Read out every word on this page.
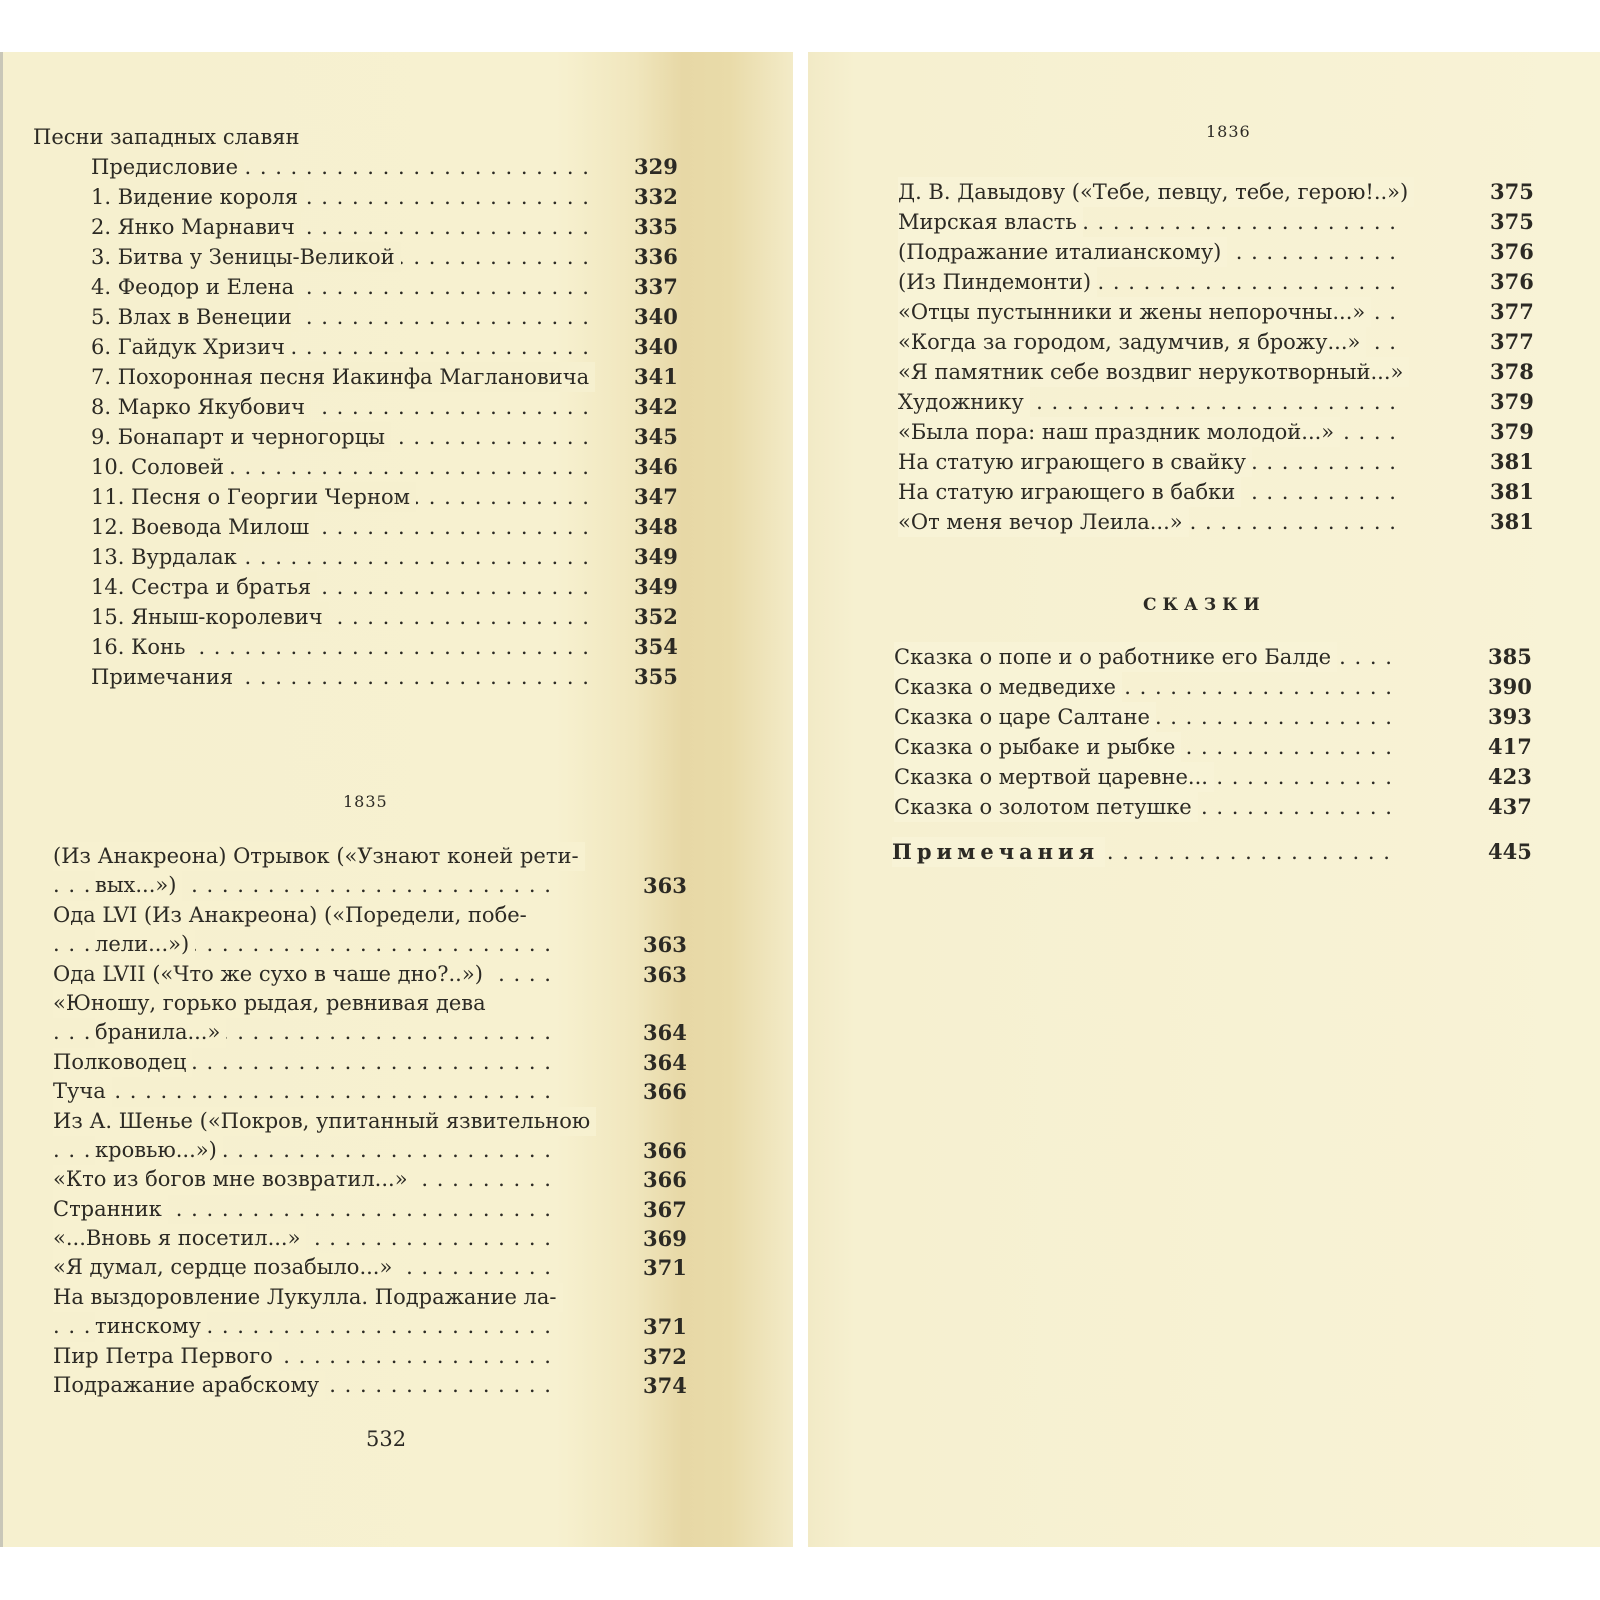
Песни западных славян
Предисловие	329
. . .
1. Видение короля	332
. . .
2. Янко Марнавич	335
. . .
3. Битва у Зеницы-Великой	336
. . .
4. Феодор и Елена	337
. . .
5. Влах в Венеции	340
. . .
6. Гайдук Хризич	340
. . .
7. Похоронная песня Иакинфа Маглановича 341
. . .
8. Марко Якубович	342
. . .
9. Бонапарт и черногорцы	345
. . .
10. Соловей	346
. . .
11. Песня о Георгии Черном	347
. . .
12. Воевода Милош	348
. . .
13. Вурдалак	349
. . .
14. Сестра и братья	349
. . .
15. Яныш-королевич	352
. . .
16. Конь	354
. . .
Примечания	355
. . .
1835
(Из Анакреона) Отрывок («Узнают коней рети-
вых...»)	363
. . .
Ода LVI (Из Анакреона) («Поредели, побе-
лели...»)	363
. . .
Ода LVII («Что же сухо в чаше дно?..»)	363
. . .
«Юношу, горько рыдая, ревнивая дева
бранила...»	364
. . .
Полководец	364
. . .
Туча	366
. . .
Из А. Шенье («Покров, упитанный язвительною
кровью...»)	366
. . .
«Кто из богов мне возвратил...»	366
. . .
Странник	367
. . .
«...Вновь я посетил...»	369
. . .
«Я думал, сердце позабыло...»	371
. . .
На выздоровление Лукулла. Подражание ла-
тинскому	371
. . .
Пир Петра Первого	372
. . .
Подражание арабскому	374
. . .
532
1836
Д. В. Давыдову («Тебе, певцу, тебе, герою!..»)	375
. . .
Мирская власть	375
. . .
(Подражание италианскому)	376
. . .
(Из Пиндемонти)	376
. . .
«Отцы пустынники и жены непорочны...»	377
. . .
«Когда за городом, задумчив, я брожу...»	377
. . .
«Я памятник себе воздвиг нерукотворный...»	378
. . .
Художнику	379
. . .
«Была пора: наш праздник молодой...»	379
. . .
На статую играющего в свайку	381
. . .
На статую играющего в бабки	381
. . .
«От меня вечор Леила...»	381
. . .
СКАЗКИ
Сказка о попе и о работнике его Балде	385
. . .
Сказка о медведихе	390
. . .
Сказка о царе Салтане	393
. . .
Сказка о рыбаке и рыбке	417
. . .
Сказка о мертвой царевне...	423
. . .
Сказка о золотом петушке	437
. . .
Примечания	445
. . .
